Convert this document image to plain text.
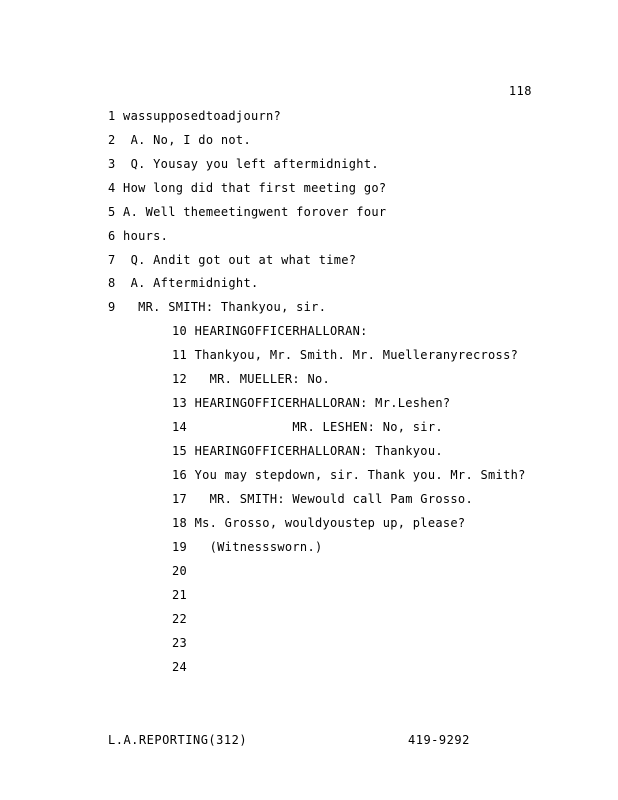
118
1 wassupposedtoadjourn?
2  A. No, I do not.
3  Q. Yousay you left aftermidnight.
4 How long did that first meeting go?
5 A. Well themeetingwent forover four
6 hours.
7  Q. Andit got out at what time?
8  A. Aftermidnight.
9   MR. SMITH: Thankyou, sir.
10 HEARINGOFFICERHALLORAN:
11 Thankyou, Mr. Smith. Mr. Muelleranyrecross?
12   MR. MUELLER: No.
13 HEARINGOFFICERHALLORAN: Mr.Leshen?
14              MR. LESHEN: No, sir.
15 HEARINGOFFICERHALLORAN: Thankyou.
16 You may stepdown, sir. Thank you. Mr. Smith?
17   MR. SMITH: Wewould call Pam Grosso.
18 Ms. Grosso, wouldyoustep up, please?
19   (Witnesssworn.)
20
21
22
23
24
L.A.REPORTING(312)	419-9292
